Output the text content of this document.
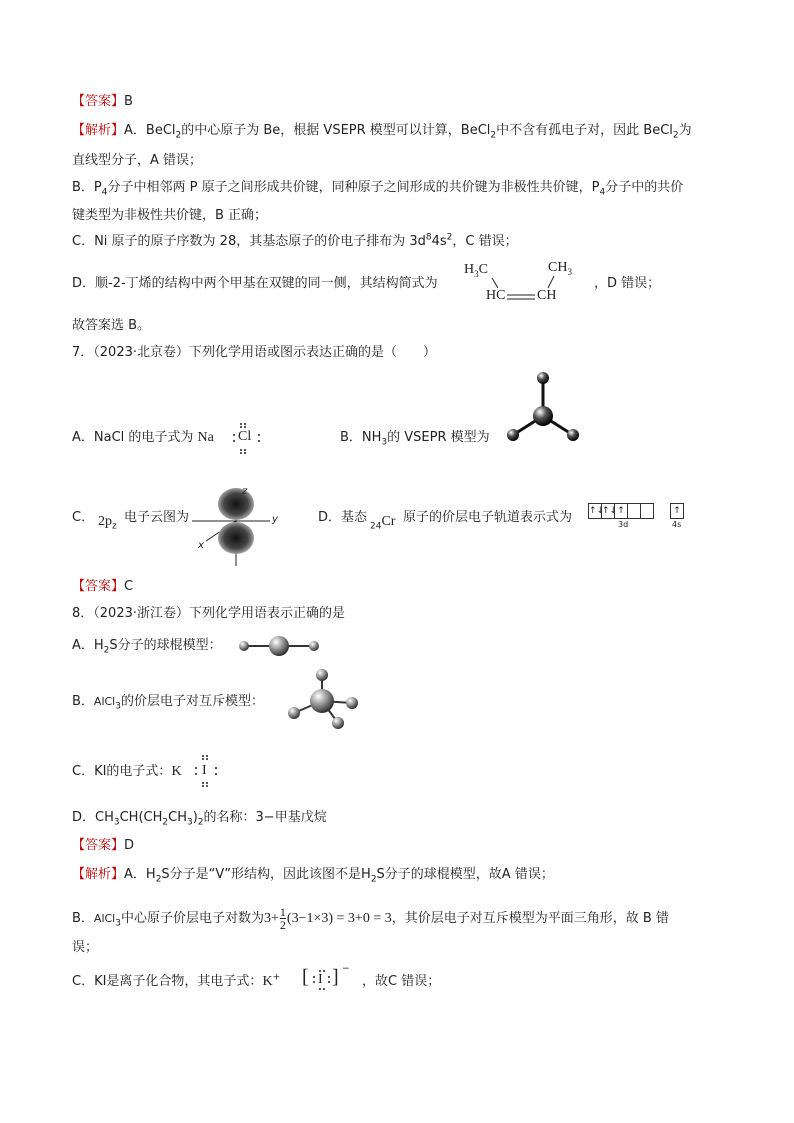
【答案】B
【解析】A．BeCl$_2$的中心原子为 Be，根据 VSEPR 模型可以计算，BeCl$_2$中不含有孤电子对，因此 BeCl$_2$为
直线型分子，A 错误；
B．$P_4$分子中相邻两 P 原子之间形成共价键，同种原子之间形成的共价键为非极性共价键，$P_4$分子中的共价
键类型为非极性共价键，B 正确；
C．Ni 原子的原子序数为 28，其基态原子的价电子排布为 $3d^84s^2$，C 错误；
D．顺-2-丁烯的结构中两个甲基在双键的同一侧，其结构简式为
$H_3C$	$CH_3$
HC CH
，D 错误；
故答案选 B。
7．（2023·北京卷）下列化学用语或图示表达正确的是（　　）
A．NaCl 的电子式为 Na Cl	B．$NH_3$的 VSEPR 模型为
C． $2p_z$
电子云图为
z
y
x
D．基态
$_{24}$Cr 原子的价层电子轨道表示式为 ↑↓↑↓↑	↑
3d	4s
【答案】C
8．（2023·浙江卷）下列化学用语表示正确的是
A．$H_2S$分子的球棍模型：
B．AlCl$_3$的价层电子对互斥模型：
C．KI的电子式：K I
D．$CH_3CH(CH_2CH_3)_2$的名称：3−甲基戊烷
【答案】D
【解析】A．$H_2S$分子是“V”形结构，因此该图不是$H_2S$分子的球棍模型，故A 错误；
B．AlCl$_3$中心原子价层电子对数为$3+ \frac{1}{2} (3-1\times 3) = 3+0 = 3$，其价层电子对互斥模型为平面三角形，故 B 错
误；
C．KI是离子化合物，其电子式：K+ [ I ] −
，故C 错误；
